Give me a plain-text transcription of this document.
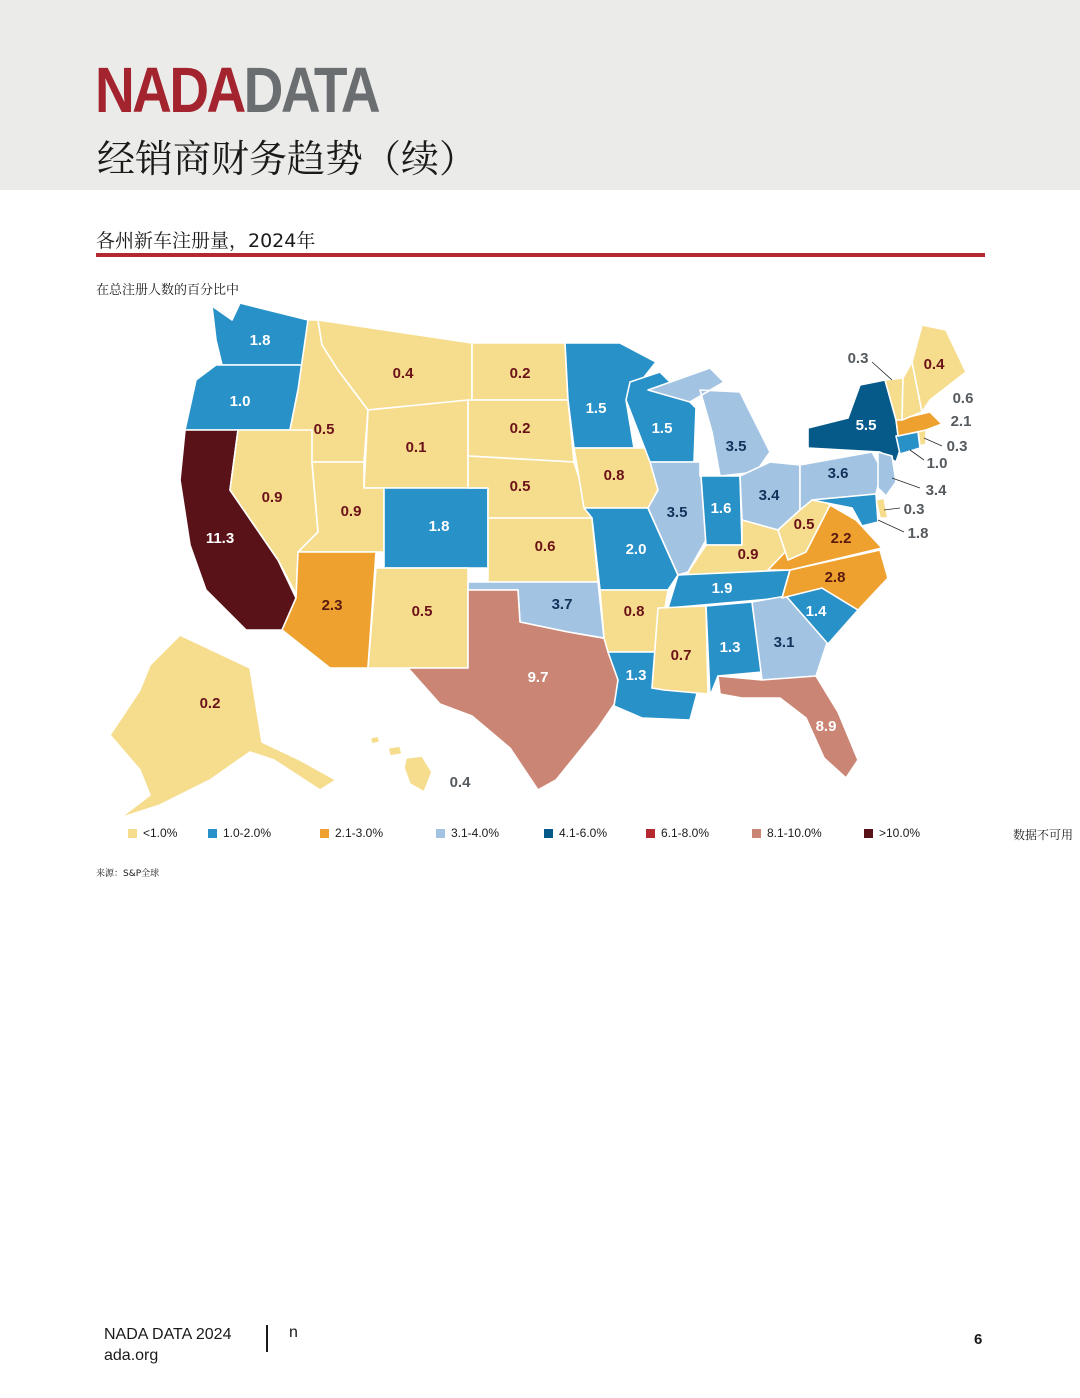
NADADATA
经销商财务趋势（续）
各州新车注册量，2024年
在总注册人数的百分比中
1.8
1.0
11.3
0.5
0.9
0.4
0.1
0.9
2.3
1.8
0.5
0.2
0.2
0.5
0.6
3.7
9.7
1.5
0.8
2.0
0.8
1.3
1.5
3.5
3.5
1.6
3.4
0.9
1.9
0.7 1.3 3.1
8.9
1.4
2.8
2.2
0.5
3.6
5.5
3.4
0.3
1.8
1.0
0.3
2.1
0.3
0.6
0.4
0.2
0.4
<1.0%	1.0-2.0%	2.1-3.0%	3.1-4.0%	4.1-6.0%	6.1-8.0%	8.1-10.0%	>10.0%	数据不可用
来源：S&P全球
NADA DATA 2024
ada.org
n	6
